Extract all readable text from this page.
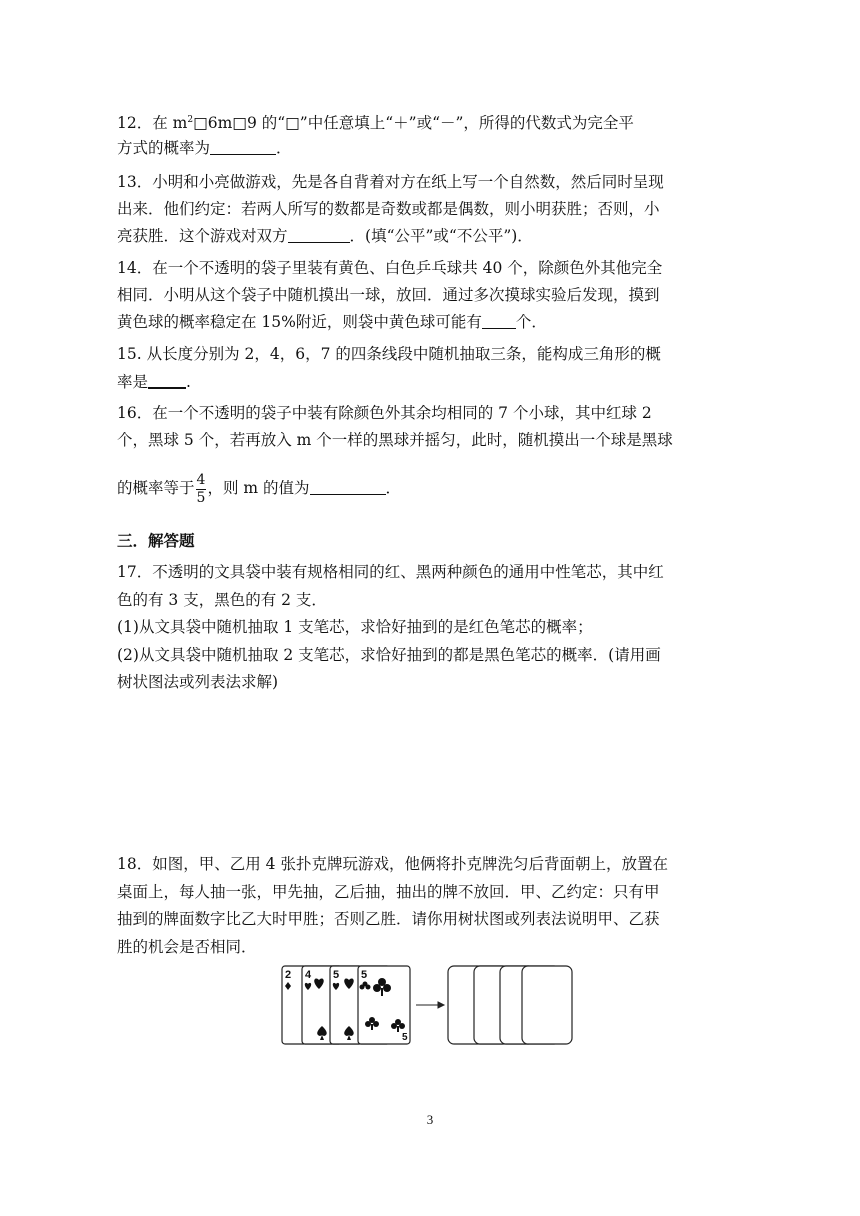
12．在 $m^2□6m□9$ 的“□”中任意填上“＋”或“－”，所得的代数式为完全平
方式的概率为	．
13．小明和小亮做游戏，先是各自背着对方在纸上写一个自然数，然后同时呈现
出来．他们约定：若两人所写的数都是奇数或都是偶数，则小明获胜；否则，小
亮获胜．这个游戏对双方	．(填“公平”或“不公平”)．
14．在一个不透明的袋子里装有黄色、白色乒乓球共 40 个，除颜色外其他完全
相同．小明从这个袋子中随机摸出一球，放回．通过多次摸球实验后发现，摸到
黄色球的概率稳定在 15%附近，则袋中黄色球可能有 个．
15. 从长度分别为 2，4，6，7 的四条线段中随机抽取三条，能构成三角形的概
率是 .
16．在一个不透明的袋子中装有除颜色外其余均相同的 7 个小球，其中红球 2
个，黑球 5 个，若再放入 m 个一样的黑球并摇匀，此时，随机摸出一个球是黑球
的概率等于 $\frac{4}{5}$ ，则 m 的值为	．
三．解答题
17．不透明的文具袋中装有规格相同的红、黑两种颜色的通用中性笔芯，其中红
色的有 3 支，黑色的有 2 支．
(1)从文具袋中随机抽取 1 支笔芯，求恰好抽到的是红色笔芯的概率；
(2)从文具袋中随机抽取 2 支笔芯，求恰好抽到的都是黑色笔芯的概率．(请用画
树状图法或列表法求解)
18．如图，甲、乙用 4 张扑克牌玩游戏，他俩将扑克牌洗匀后背面朝上，放置在
桌面上，每人抽一张，甲先抽，乙后抽，抽出的牌不放回．甲、乙约定：只有甲
抽到的牌面数字比乙大时甲胜；否则乙胜．请你用树状图或列表法说明甲、乙获
胜的机会是否相同．
2 4 5 5
5
3
